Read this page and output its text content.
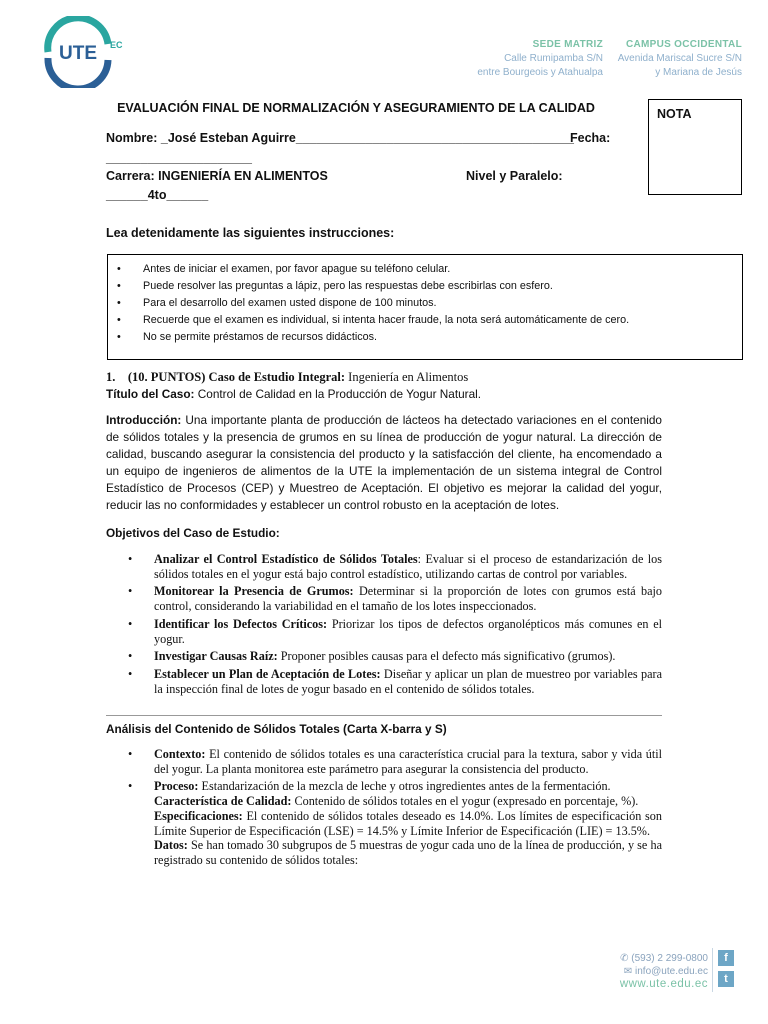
UTE EC	SEDE MATRIZ
Calle Rumipamba S/N
entre Bourgeois y Atahualpa
CAMPUS OCCIDENTAL
Avenida Mariscal Sucre S/N
y Mariana de Jesús
EVALUACIÓN FINAL DE NORMALIZACIÓN Y ASEGURAMIENTO DE LA CALIDAD	NOTA
Nombre: _José Esteban Aguirre________________________________________
Fecha:
_____________________
Carrera: INGENIERÍA EN ALIMENTOS	Nivel y Paralelo:
______4to______
Lea detenidamente las siguientes instrucciones:
•	Antes de iniciar el examen, por favor apague su teléfono celular.
•	Puede resolver las preguntas a lápiz, pero las respuestas debe escribirlas con esfero.
•	Para el desarrollo del examen usted dispone de 100 minutos.
•	Recuerde que el examen es individual, si intenta hacer fraude, la nota será automáticamente de cero.
•	No se permite préstamos de recursos didácticos.
1. (10. PUNTOS) Caso de Estudio Integral: Ingeniería en Alimentos
Título del Caso: Control de Calidad en la Producción de Yogur Natural.
Introducción: Una importante planta de producción de lácteos ha detectado variaciones en el contenido de sólidos totales y la presencia de grumos en su línea de producción de yogur natural. La dirección de calidad, buscando asegurar la consistencia del producto y la satisfacción del cliente, ha encomendado a un equipo de ingenieros de alimentos de la UTE la implementación de un sistema integral de Control Estadístico de Procesos (CEP) y Muestreo de Aceptación. El objetivo es mejorar la calidad del yogur, reducir las no conformidades y establecer un control robusto en la aceptación de lotes.
Objetivos del Caso de Estudio:
•	Analizar el Control Estadístico de Sólidos Totales: Evaluar si el proceso de estandarización de los sólidos totales en el yogur está bajo control estadístico, utilizando cartas de control por variables.
•	Monitorear la Presencia de Grumos: Determinar si la proporción de lotes con grumos está bajo control, considerando la variabilidad en el tamaño de los lotes inspeccionados.
•	Identificar los Defectos Críticos: Priorizar los tipos de defectos organolépticos más comunes en el yogur.
•	Investigar Causas Raíz: Proponer posibles causas para el defecto más significativo (grumos).
•	Establecer un Plan de Aceptación de Lotes: Diseñar y aplicar un plan de muestreo por variables para la inspección final de lotes de yogur basado en el contenido de sólidos totales.
Análisis del Contenido de Sólidos Totales (Carta X-barra y S)
•	Contexto: El contenido de sólidos totales es una característica crucial para la textura, sabor y vida útil del yogur. La planta monitorea este parámetro para asegurar la consistencia del producto.
•	Proceso: Estandarización de la mezcla de leche y otros ingredientes antes de la fermentación.
Característica de Calidad: Contenido de sólidos totales en el yogur (expresado en porcentaje, %).
Especificaciones: El contenido de sólidos totales deseado es 14.0%. Los límites de especificación son Límite Superior de Especificación (LSE) = 14.5% y Límite Inferior de Especificación (LIE) = 13.5%.
Datos: Se han tomado 30 subgrupos de 5 muestras de yogur cada uno de la línea de producción, y se ha registrado su contenido de sólidos totales:
✆ (593) 2 299-0800
✉ info@ute.edu.ec
www.ute.edu.ec
f
t
